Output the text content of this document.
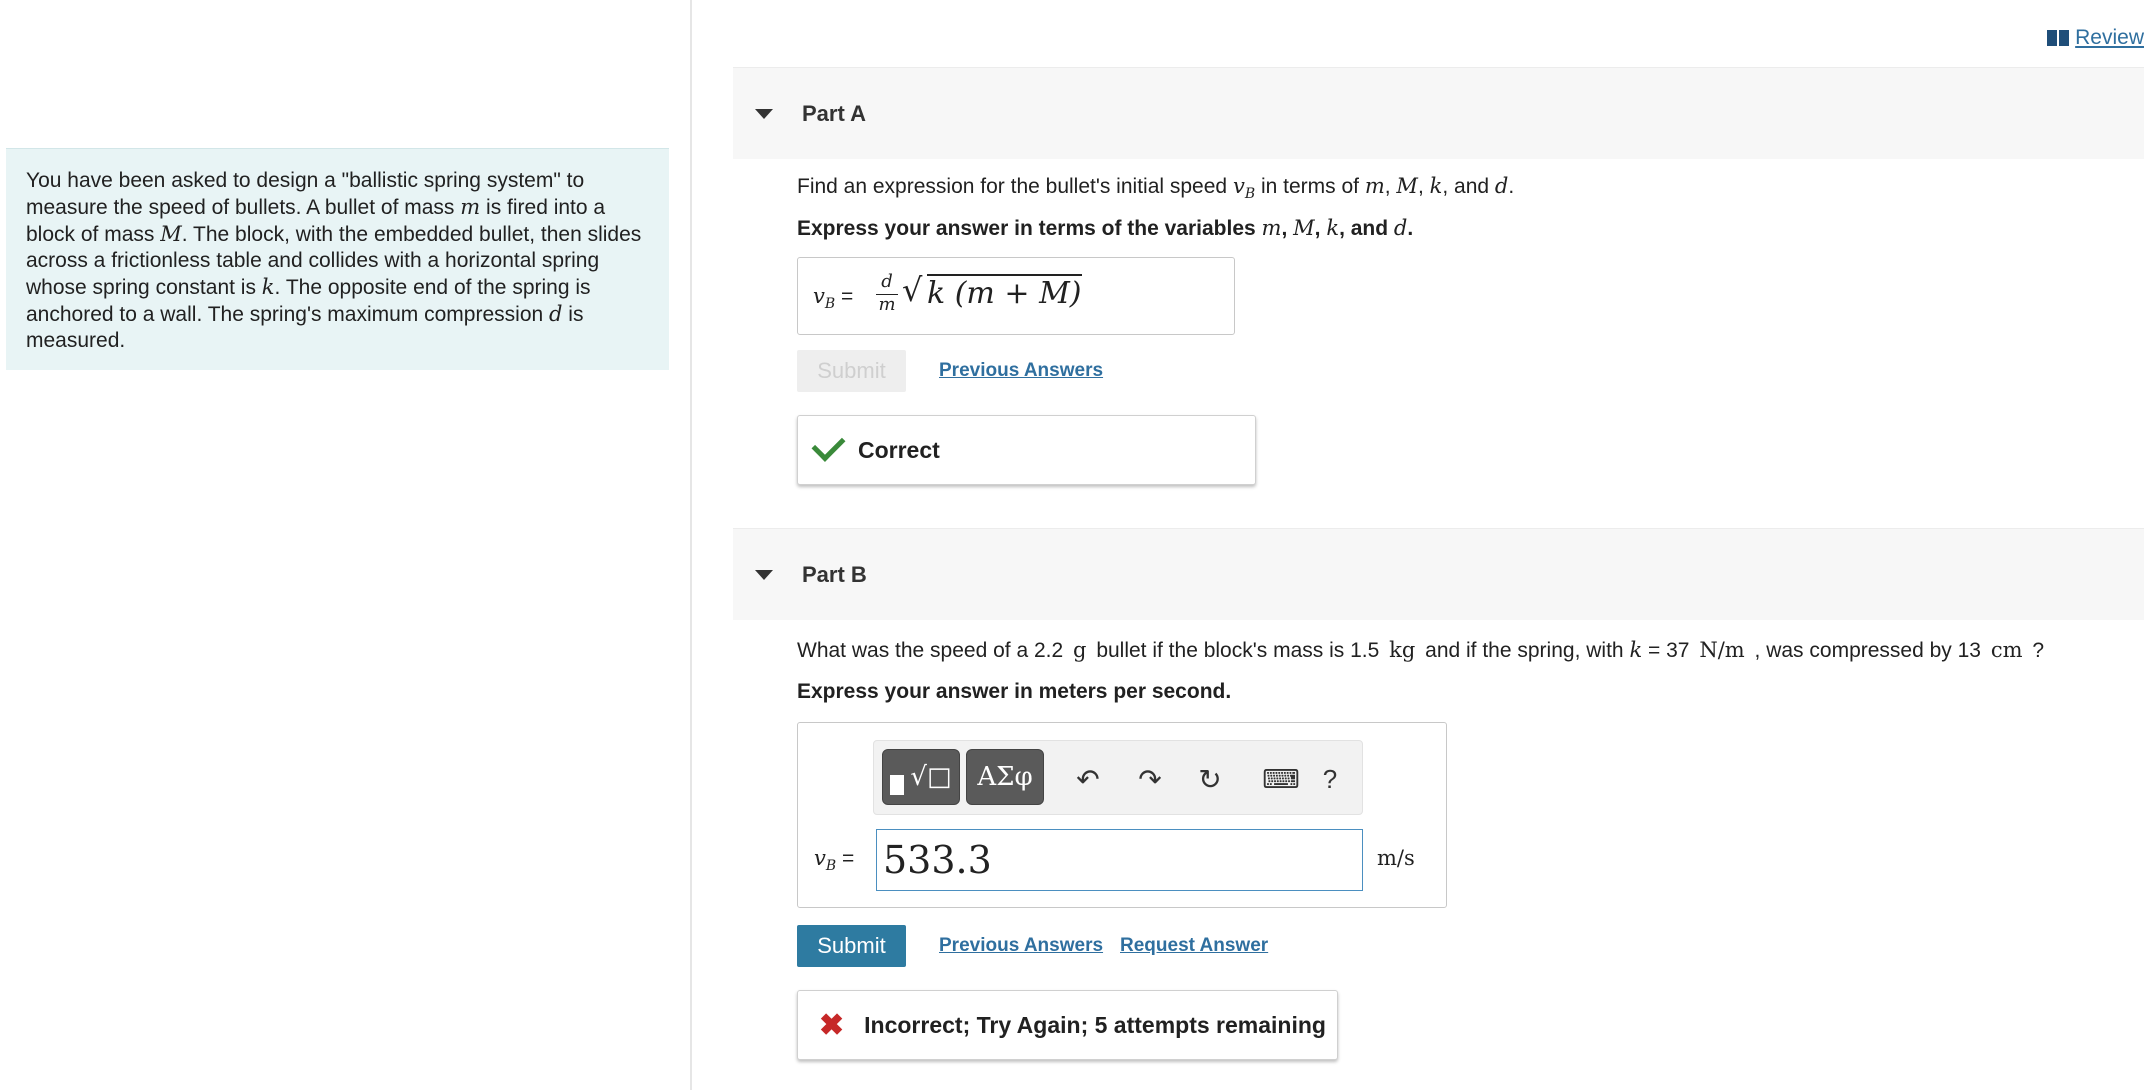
You have been asked to design a "ballistic spring system" to measure the speed of bullets. A bullet of mass m is fired into a block of mass M. The block, with the embedded bullet, then slides across a frictionless table and collides with a horizontal spring whose spring constant is k. The opposite end of the spring is anchored to a wall. The spring's maximum compression d is measured.
Review
Part A
Find an expression for the bullet's initial speed $v_B$ in terms of m, M, k, and d.
Express your answer in terms of the variables m, M, k, and d.
$v_B$ =
d
m √ k (m + M)
Submit	Previous Answers
Correct
Part B
What was the speed of a 2.2 g bullet if the block's mass is 1.5 kg and if the spring, with k = 37 N/m , was compressed by 13 cm ?
Express your answer in meters per second.
√□ ΑΣφ ↶ ↷ ↻ ⌨ ?
$v_B = 533.3$	m/s
Submit	Previous Answers Request Answer
✖ Incorrect; Try Again; 5 attempts remaining
